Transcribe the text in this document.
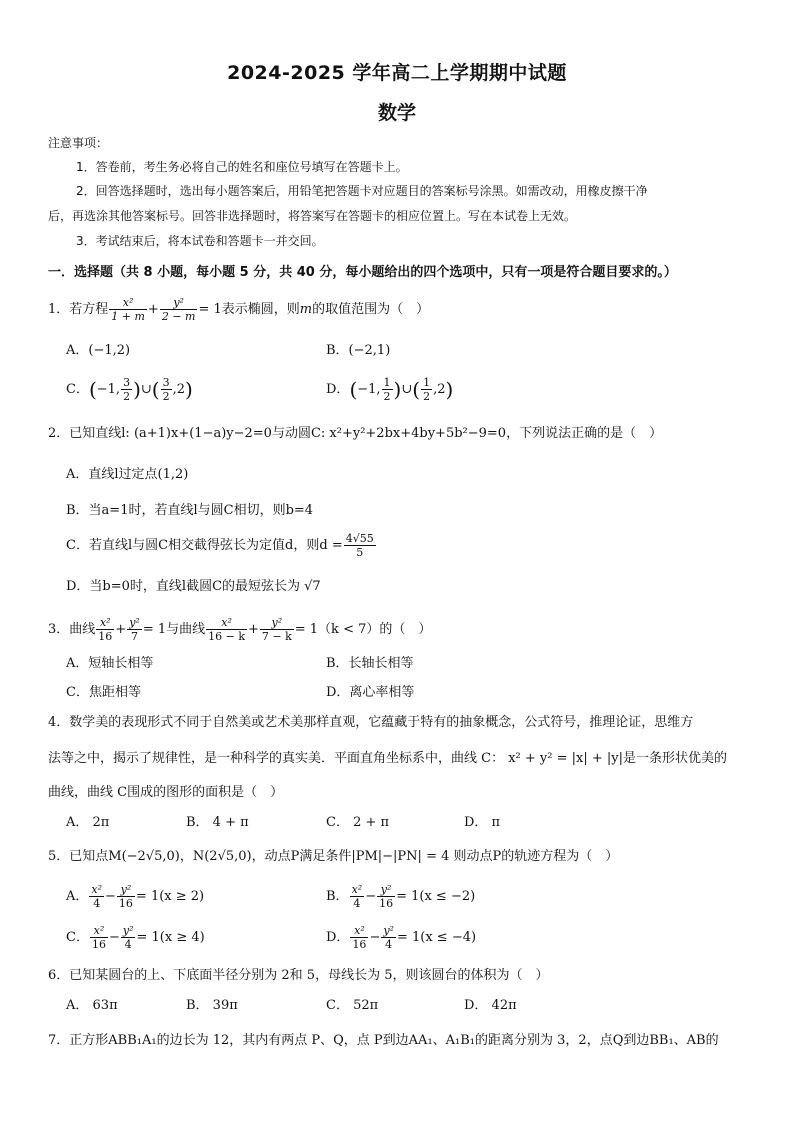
2024-2025 学年高二上学期期中试题
数学
注意事项：
1．答卷前，考生务必将自己的姓名和座位号填写在答题卡上。
2．回答选择题时，选出每小题答案后，用铅笔把答题卡对应题目的答案标号涂黑。如需改动，用橡皮擦干净
后，再选涂其他答案标号。回答非选择题时，将答案写在答题卡的相应位置上。写在本试卷上无效。
3．考试结束后，将本试卷和答题卡一并交回。
一．选择题（共 8 小题，每小题 5 分，共 40 分，每小题给出的四个选项中，只有一项是符合题目要求的。）
1．若方程 $\frac{\text{x²}}{1 + m} + \frac{\text{y²}}{2 - m} = 1$表示椭圆，则m的取值范围为（　）
A．(−1,2)	B．(−2,1)
C．(−1, $\frac{3}{2}$ )∪( $\frac{3}{2} ,2$)	D．(−1, $\frac{1}{2}$ )∪( $\frac{1}{2} ,2$)
2．已知直线l: (a+1)x+(1−a)y−2=0与动圆C: x²+y²+2bx+4by+5b²−9=0，下列说法正确的是（　）
A．直线l过定点(1,2)
B．当a=1时，若直线l与圆C相切，则b=4
C．若直线l与圆C相交截得弦长为定值d，则$d = \frac{4√55}{5}$
D．当b=0时，直线l截圆C的最短弦长为 √7
3．曲线 $\frac{\text{x²}}{16} + \frac{\text{y²}}{7} = 1$与曲线 $\frac{\text{x²}}{16 - k} + \frac{\text{y²}}{7 - k} = 1(k < 7)$的（　）
A．短轴长相等	B．长轴长相等
C．焦距相等	D．离心率相等
4．数学美的表现形式不同于自然美或艺术美那样直观，它蕴藏于特有的抽象概念，公式符号，推理论证，思维方
法等之中，揭示了规律性，是一种科学的真实美．平面直角坐标系中，曲线 C： x² + y² = |x| + |y|是一条形状优美的
曲线，曲线 C围成的图形的面积是（　）
A． 2π	B． 4 + π	C． 2 + π	D． π
5．已知点M(−2√5,0)，N(2√5,0)，动点P满足条件|PM|−|PN| = 4 则动点P的轨迹方程为（　）
A． $\frac{\text{x²}}{4} - \frac{\text{y²}}{16} = 1(x \ge 2)$	B． $\frac{\text{x²}}{4} - \frac{\text{y²}}{16} = 1(x \le -2)$
C． $\frac{\text{x²}}{16} - \frac{\text{y²}}{4} = 1(x \ge 4)$	D． $\frac{\text{x²}}{16} - \frac{\text{y²}}{4} = 1(x \le -4)$
6．已知某圆台的上、下底面半径分别为 2和 5，母线长为 5，则该圆台的体积为（　）
A． 63π	B． 39π	C． 52π	D． 42π
7．正方形ABB₁A₁的边长为 12，其内有两点 P、Q，点 P到边AA₁、A₁B₁的距离分别为 3，2，点Q到边BB₁、AB的
